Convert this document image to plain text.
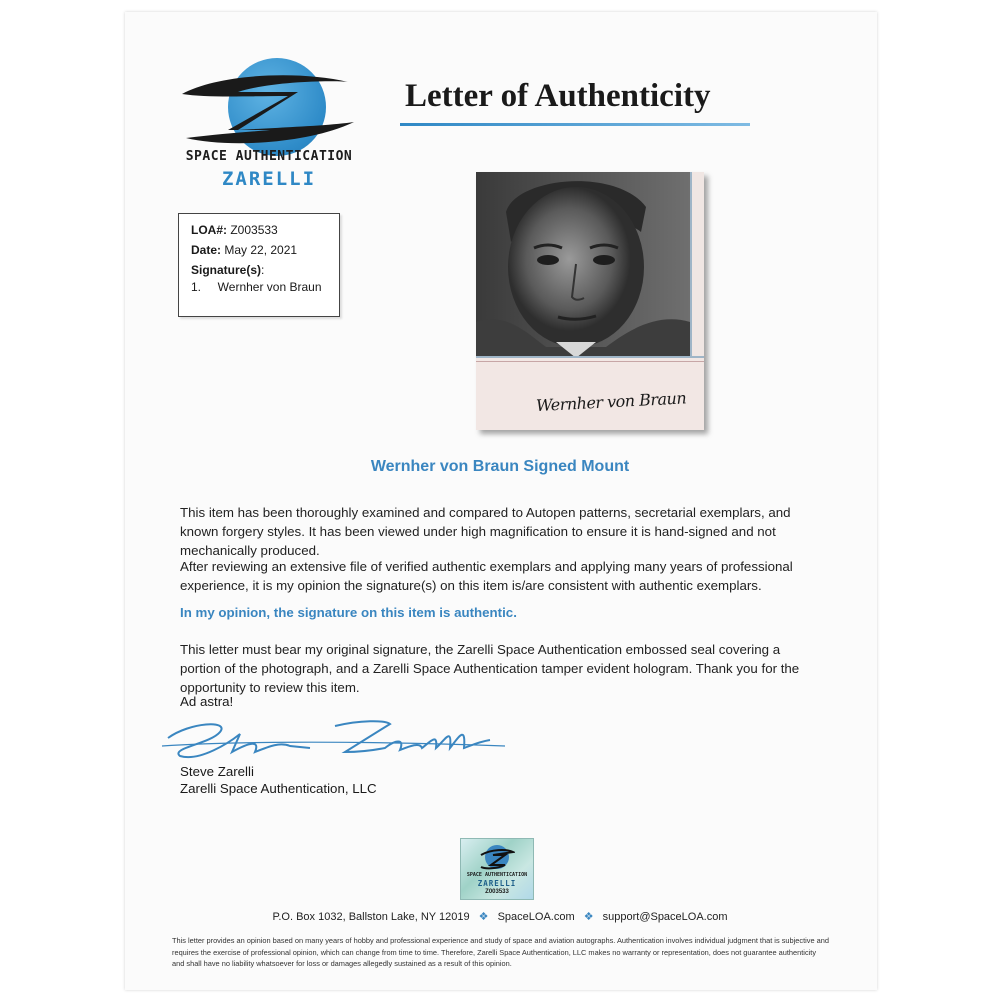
SPACE AUTHENTICATION
ZARELLI
Letter of Authenticity
LOA#: Z003533
Date: May 22, 2021
Signature(s):
1.     Wernher von Braun
Wernher von Braun
Wernher von Braun Signed Mount
This item has been thoroughly examined and compared to Autopen patterns, secretarial exemplars, and known forgery styles. It has been viewed under high magnification to ensure it is hand-signed and not mechanically produced.
After reviewing an extensive file of verified authentic exemplars and applying many years of professional experience, it is my opinion the signature(s) on this item is/are consistent with authentic exemplars.
In my opinion, the signature on this item is authentic.
This letter must bear my original signature, the Zarelli Space Authentication embossed seal covering a portion of the photograph, and a Zarelli Space Authentication tamper evident hologram. Thank you for the opportunity to review this item.
Ad astra!
Steve Zarelli
Zarelli Space Authentication, LLC
SPACE AUTHENTICATION
ZARELLI
Z003533
P.O. Box 1032, Ballston Lake, NY 12019 ❖ SpaceLOA.com ❖ support@SpaceLOA.com
This letter provides an opinion based on many years of hobby and professional experience and study of space and aviation autographs. Authentication involves individual judgment that is subjective and requires the exercise of professional opinion, which can change from time to time. Therefore, Zarelli Space Authentication, LLC makes no warranty or representation, does not guarantee authenticity and shall have no liability whatsoever for loss or damages allegedly sustained as a result of this opinion.
